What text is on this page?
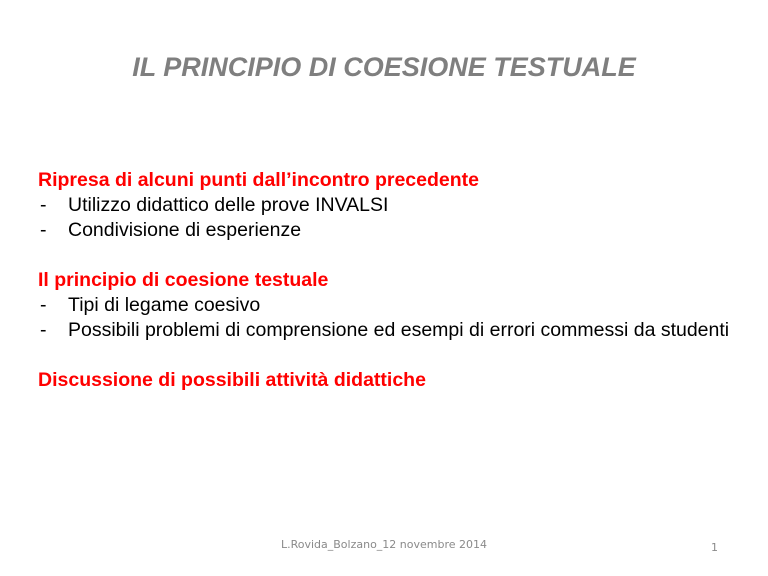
IL PRINCIPIO DI COESIONE TESTUALE
Ripresa di alcuni punti dall’incontro precedente
- Utilizzo didattico delle prove INVALSI
- Condivisione di esperienze
Il principio di coesione testuale
- Tipi di legame coesivo
- Possibili problemi di comprensione ed esempi di errori commessi da studenti
Discussione di possibili attività didattiche
L.Rovida_Bolzano_12 novembre 2014	1
